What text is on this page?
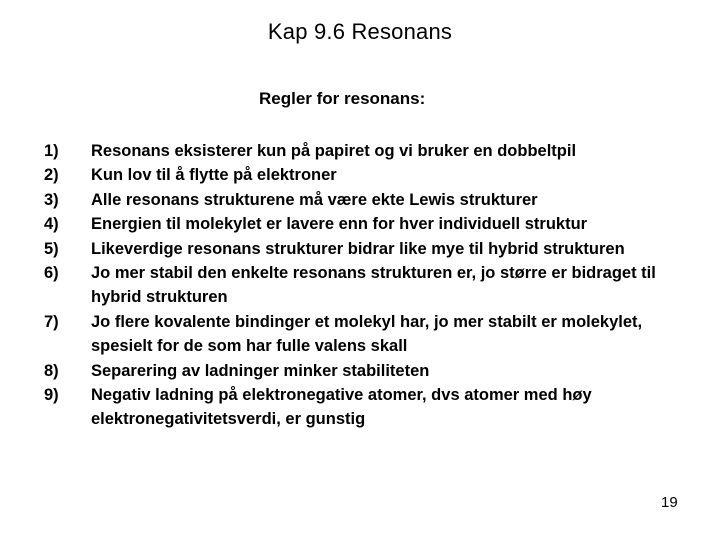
Kap 9.6 Resonans
Regler for resonans:
1)	Resonans eksisterer kun på papiret og vi bruker en dobbeltpil
2)	Kun lov til å flytte på elektroner
3)	Alle resonans strukturene må være ekte Lewis strukturer
4)	Energien til molekylet er lavere enn for hver individuell struktur
5)	Likeverdige resonans strukturer bidrar like mye til hybrid strukturen
6)	Jo mer stabil den enkelte resonans strukturen er, jo større er bidraget til hybrid strukturen
7)	Jo flere kovalente bindinger et molekyl har, jo mer stabilt er molekylet, spesielt for de som har fulle valens skall
8)	Separering av ladninger minker stabiliteten
9)	Negativ ladning på elektronegative atomer, dvs atomer med høy elektronegativitetsverdi, er gunstig
19
